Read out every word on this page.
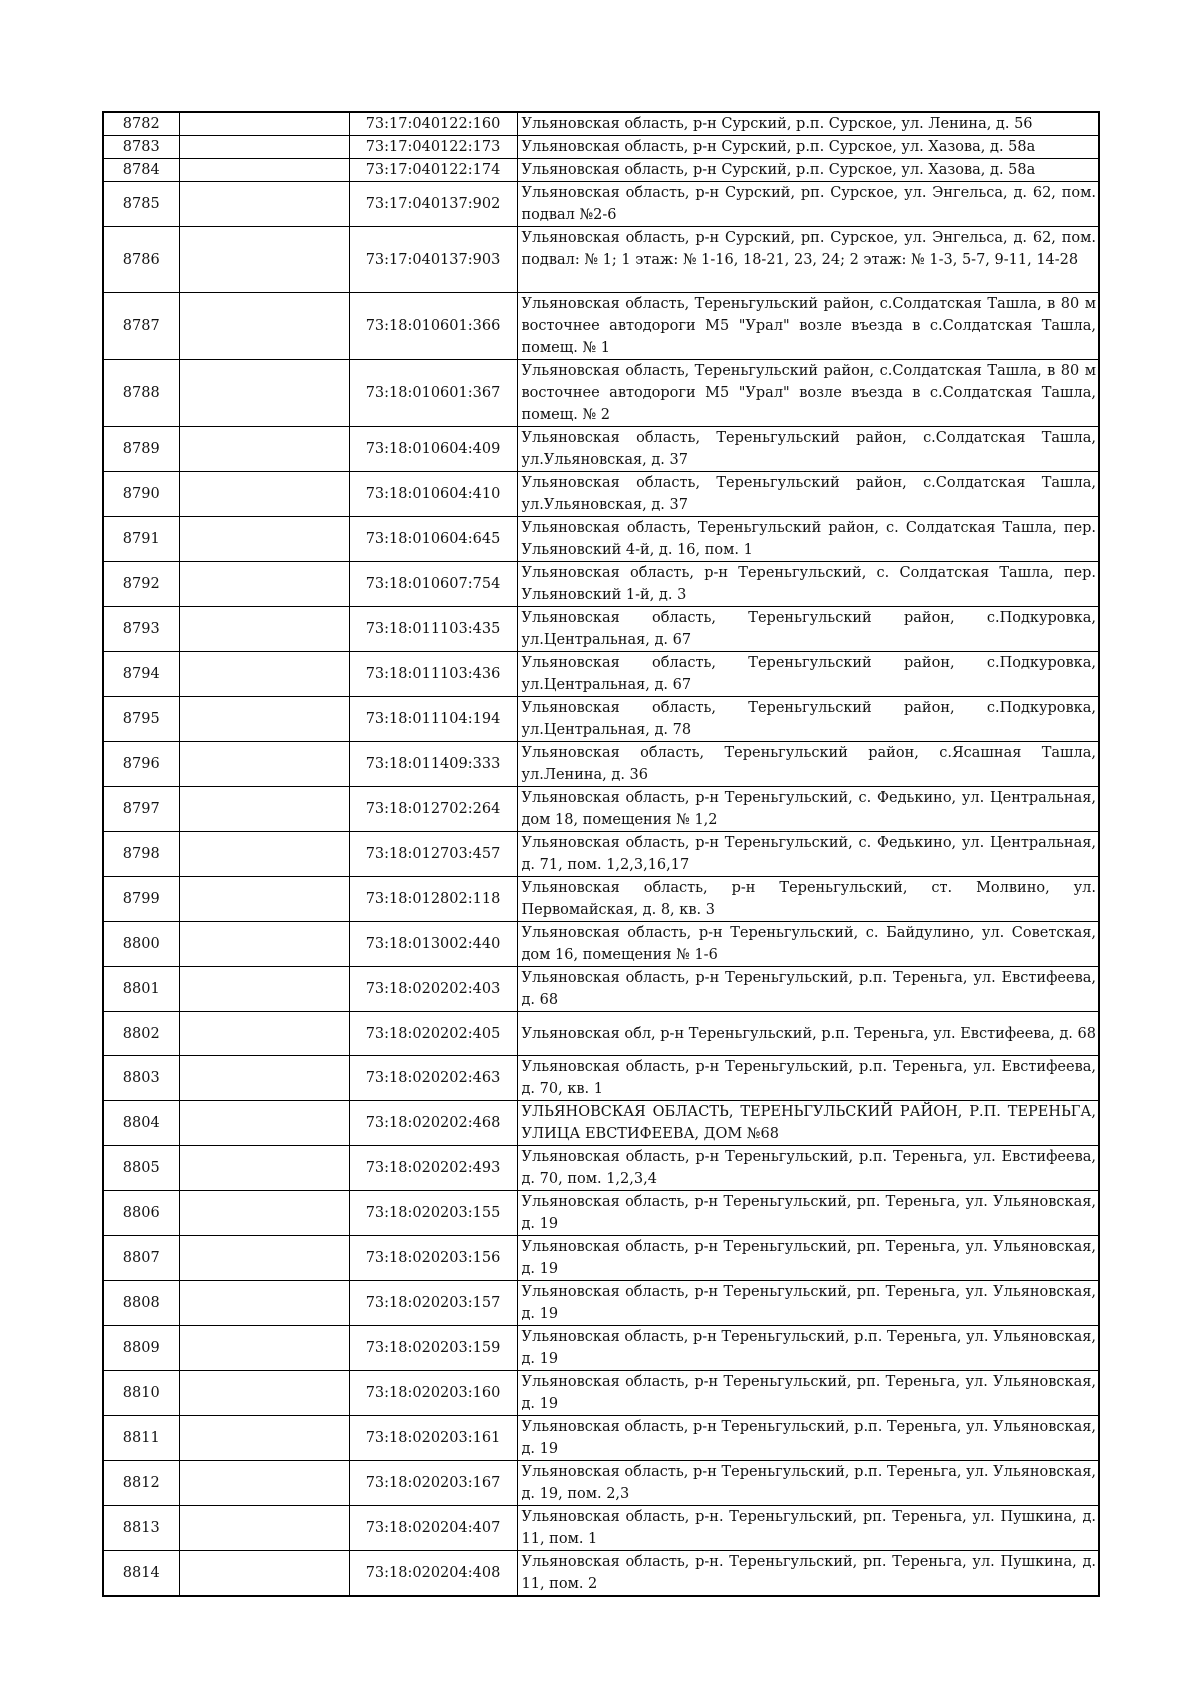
8782		73:17:040122:160	Ульяновская область, р-н Сурский, р.п. Сурское, ул. Ленина, д. 56
8783		73:17:040122:173	Ульяновская область, р-н Сурский, р.п. Сурское, ул. Хазова, д. 58а
8784		73:17:040122:174	Ульяновская область, р-н Сурский, р.п. Сурское, ул. Хазова, д. 58а
8785		73:17:040137:902	Ульяновская область, р-н Сурский, рп. Сурское, ул. Энгельса, д. 62, пом. подвал №2-6
8786		73:17:040137:903	Ульяновская область, р-н Сурский, рп. Сурское, ул. Энгельса, д. 62, пом. подвал: № 1; 1 этаж: № 1-16, 18-21, 23, 24; 2 этаж: № 1-3, 5-7, 9-11, 14-28
8787		73:18:010601:366	Ульяновская область, Тереньгульский район, с.Солдатская Ташла, в 80 м восточнее автодороги М5 "Урал" возле въезда в с.Солдатская Ташла, помещ. № 1
8788		73:18:010601:367	Ульяновская область, Тереньгульский район, с.Солдатская Ташла, в 80 м восточнее автодороги М5 "Урал" возле въезда в с.Солдатская Ташла, помещ. № 2
8789		73:18:010604:409	Ульяновская область, Тереньгульский район, с.Солдатская Ташла, ул.Ульяновская, д. 37
8790		73:18:010604:410	Ульяновская область, Тереньгульский район, с.Солдатская Ташла, ул.Ульяновская, д. 37
8791		73:18:010604:645	Ульяновская область, Тереньгульский район, с. Солдатская Ташла, пер. Ульяновский 4-й, д. 16, пом. 1
8792		73:18:010607:754	Ульяновская область, р-н Тереньгульский, с. Солдатская Ташла, пер. Ульяновский 1-й, д. 3
8793		73:18:011103:435	Ульяновская область, Тереньгульский район, с.Подкуровка, ул.Центральная, д. 67
8794		73:18:011103:436	Ульяновская область, Тереньгульский район, с.Подкуровка, ул.Центральная, д. 67
8795		73:18:011104:194	Ульяновская область, Тереньгульский район, с.Подкуровка, ул.Центральная, д. 78
8796		73:18:011409:333	Ульяновская область, Тереньгульский район, с.Ясашная Ташла, ул.Ленина, д. 36
8797		73:18:012702:264	Ульяновская область, р-н Тереньгульский, с. Федькино, ул. Центральная, дом 18, помещения № 1,2
8798		73:18:012703:457	Ульяновская область, р-н Тереньгульский, с. Федькино, ул. Центральная, д. 71, пом. 1,2,3,16,17
8799		73:18:012802:118	Ульяновская область, р-н Тереньгульский, ст. Молвино, ул. Первомайская, д. 8, кв. 3
8800		73:18:013002:440	Ульяновская область, р-н Тереньгульский, с. Байдулино, ул. Советская, дом 16, помещения № 1-6
8801		73:18:020202:403	Ульяновская область, р-н Тереньгульский, р.п. Тереньга, ул. Евстифеева, д. 68
8802		73:18:020202:405	Ульяновская обл, р-н Тереньгульский, р.п. Тереньга, ул. Евстифеева, д. 68
8803		73:18:020202:463	Ульяновская область, р-н Тереньгульский, р.п. Тереньга, ул. Евстифеева, д. 70, кв. 1
8804		73:18:020202:468	УЛЬЯНОВСКАЯ ОБЛАСТЬ, ТЕРЕНЬГУЛЬСКИЙ РАЙОН, Р.П. ТЕРЕНЬГА, УЛИЦА ЕВСТИФЕЕВА, ДОМ №68
8805		73:18:020202:493	Ульяновская область, р-н Тереньгульский, р.п. Тереньга, ул. Евстифеева, д. 70, пом. 1,2,3,4
8806		73:18:020203:155	Ульяновская область, р-н Тереньгульский, рп. Тереньга, ул. Ульяновская, д. 19
8807		73:18:020203:156	Ульяновская область, р-н Тереньгульский, рп. Тереньга, ул. Ульяновская, д. 19
8808		73:18:020203:157	Ульяновская область, р-н Тереньгульский, рп. Тереньга, ул. Ульяновская, д. 19
8809		73:18:020203:159	Ульяновская область, р-н Тереньгульский, р.п. Тереньга, ул. Ульяновская, д. 19
8810		73:18:020203:160	Ульяновская область, р-н Тереньгульский, рп. Тереньга, ул. Ульяновская, д. 19
8811		73:18:020203:161	Ульяновская область, р-н Тереньгульский, р.п. Тереньга, ул. Ульяновская, д. 19
8812		73:18:020203:167	Ульяновская область, р-н Тереньгульский, р.п. Тереньга, ул. Ульяновская, д. 19, пом. 2,3
8813		73:18:020204:407	Ульяновская область, р-н. Тереньгульский, рп. Тереньга, ул. Пушкина, д. 11, пом. 1
8814		73:18:020204:408	Ульяновская область, р-н. Тереньгульский, рп. Тереньга, ул. Пушкина, д. 11, пом. 2
